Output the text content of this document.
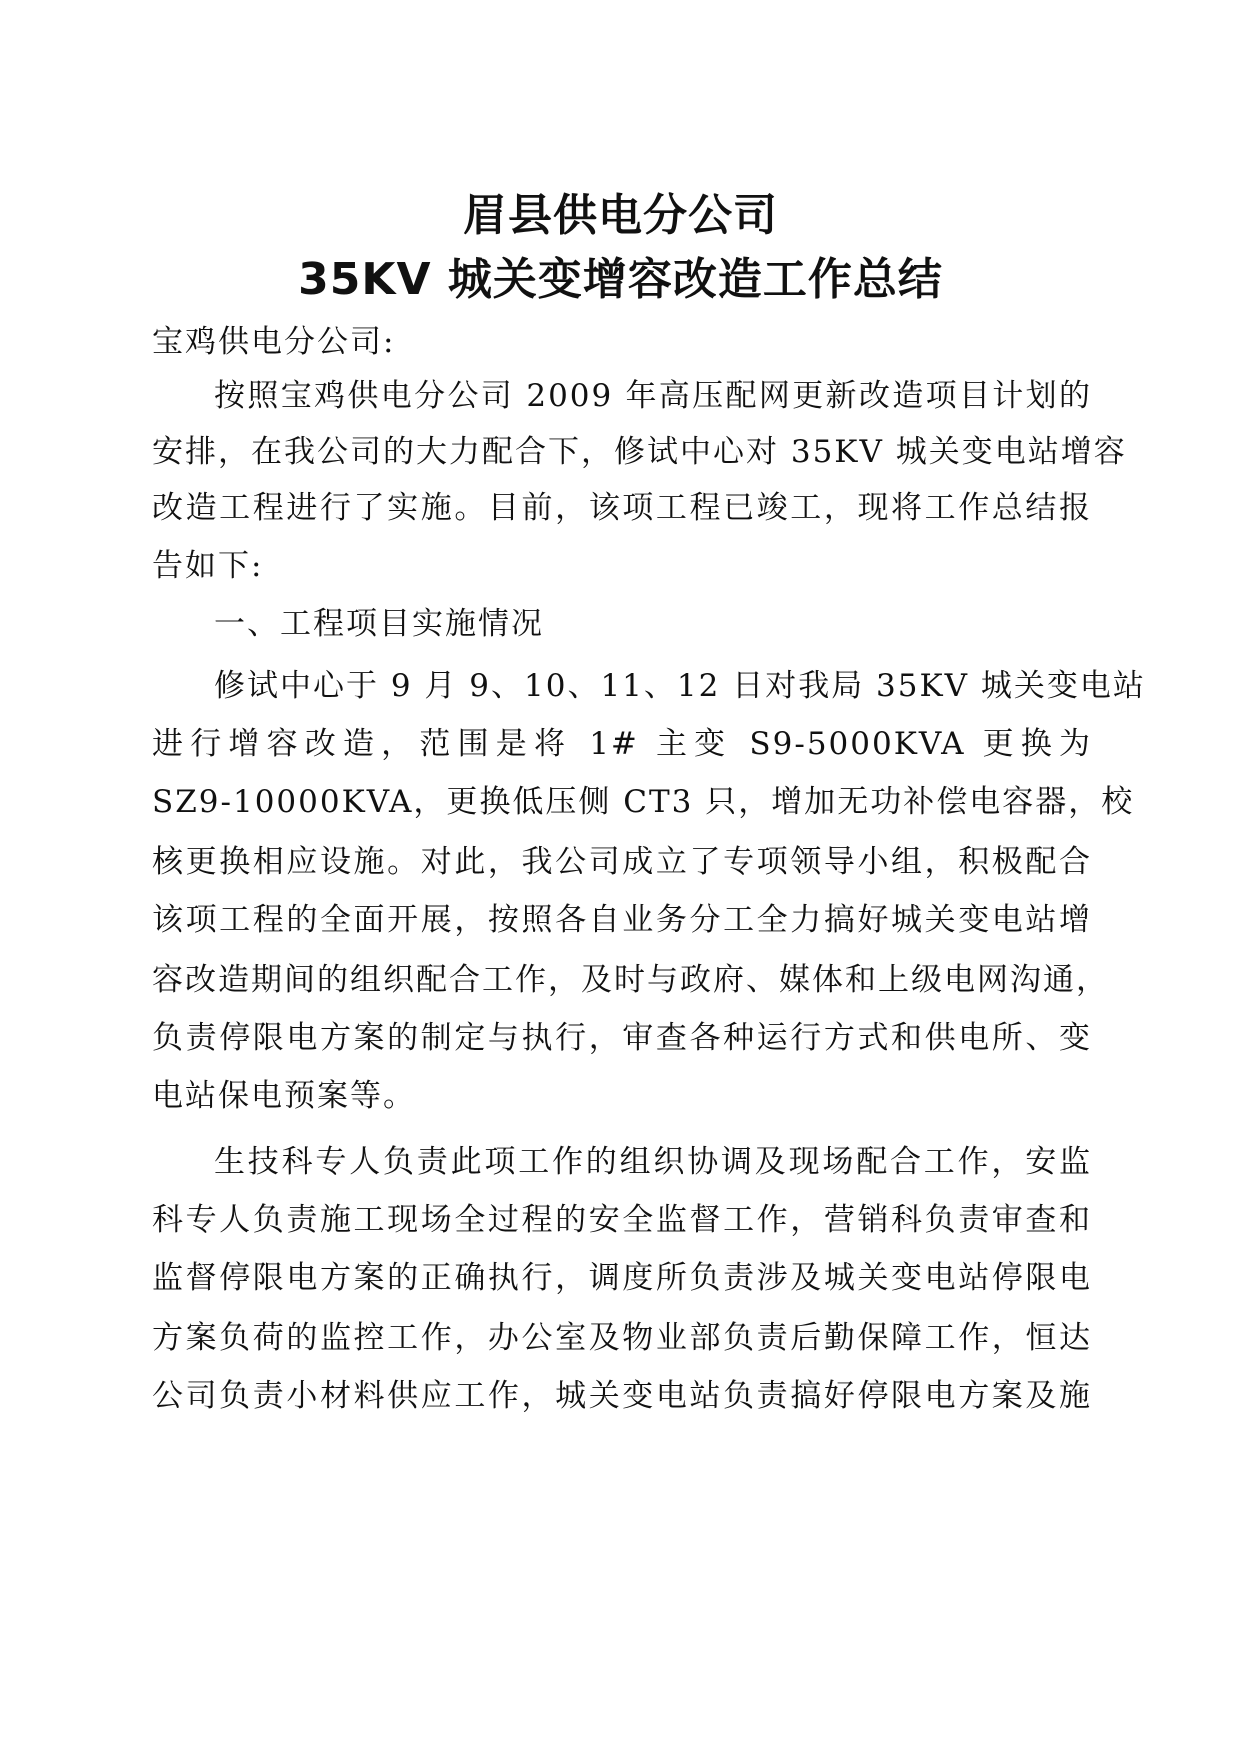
眉县供电分公司
35KV 城关变增容改造工作总结

宝鸡供电分公司:

按照宝鸡供电分公司 2009 年高压配网更新改造项目计划的

安排，在我公司的大力配合下，修试中心对 35KV 城关变电站增容

改造工程进行了实施。目前，该项工程已竣工，现将工作总结报

告如下:

一、工程项目实施情况

修试中心于 9 月 9、10、11、12 日对我局 35KV 城关变电站

进行增容改造，范围是将 1# 主变 S9-5000KVA 更换为

SZ9-10000KVA，更换低压侧 CT3 只，增加无功补偿电容器，校

核更换相应设施。对此，我公司成立了专项领导小组，积极配合

该项工程的全面开展，按照各自业务分工全力搞好城关变电站增

容改造期间的组织配合工作，及时与政府、媒体和上级电网沟通，

负责停限电方案的制定与执行，审查各种运行方式和供电所、变

电站保电预案等。

生技科专人负责此项工作的组织协调及现场配合工作，安监

科专人负责施工现场全过程的安全监督工作，营销科负责审查和

监督停限电方案的正确执行，调度所负责涉及城关变电站停限电

方案负荷的监控工作，办公室及物业部负责后勤保障工作，恒达

公司负责小材料供应工作，城关变电站负责搞好停限电方案及施
